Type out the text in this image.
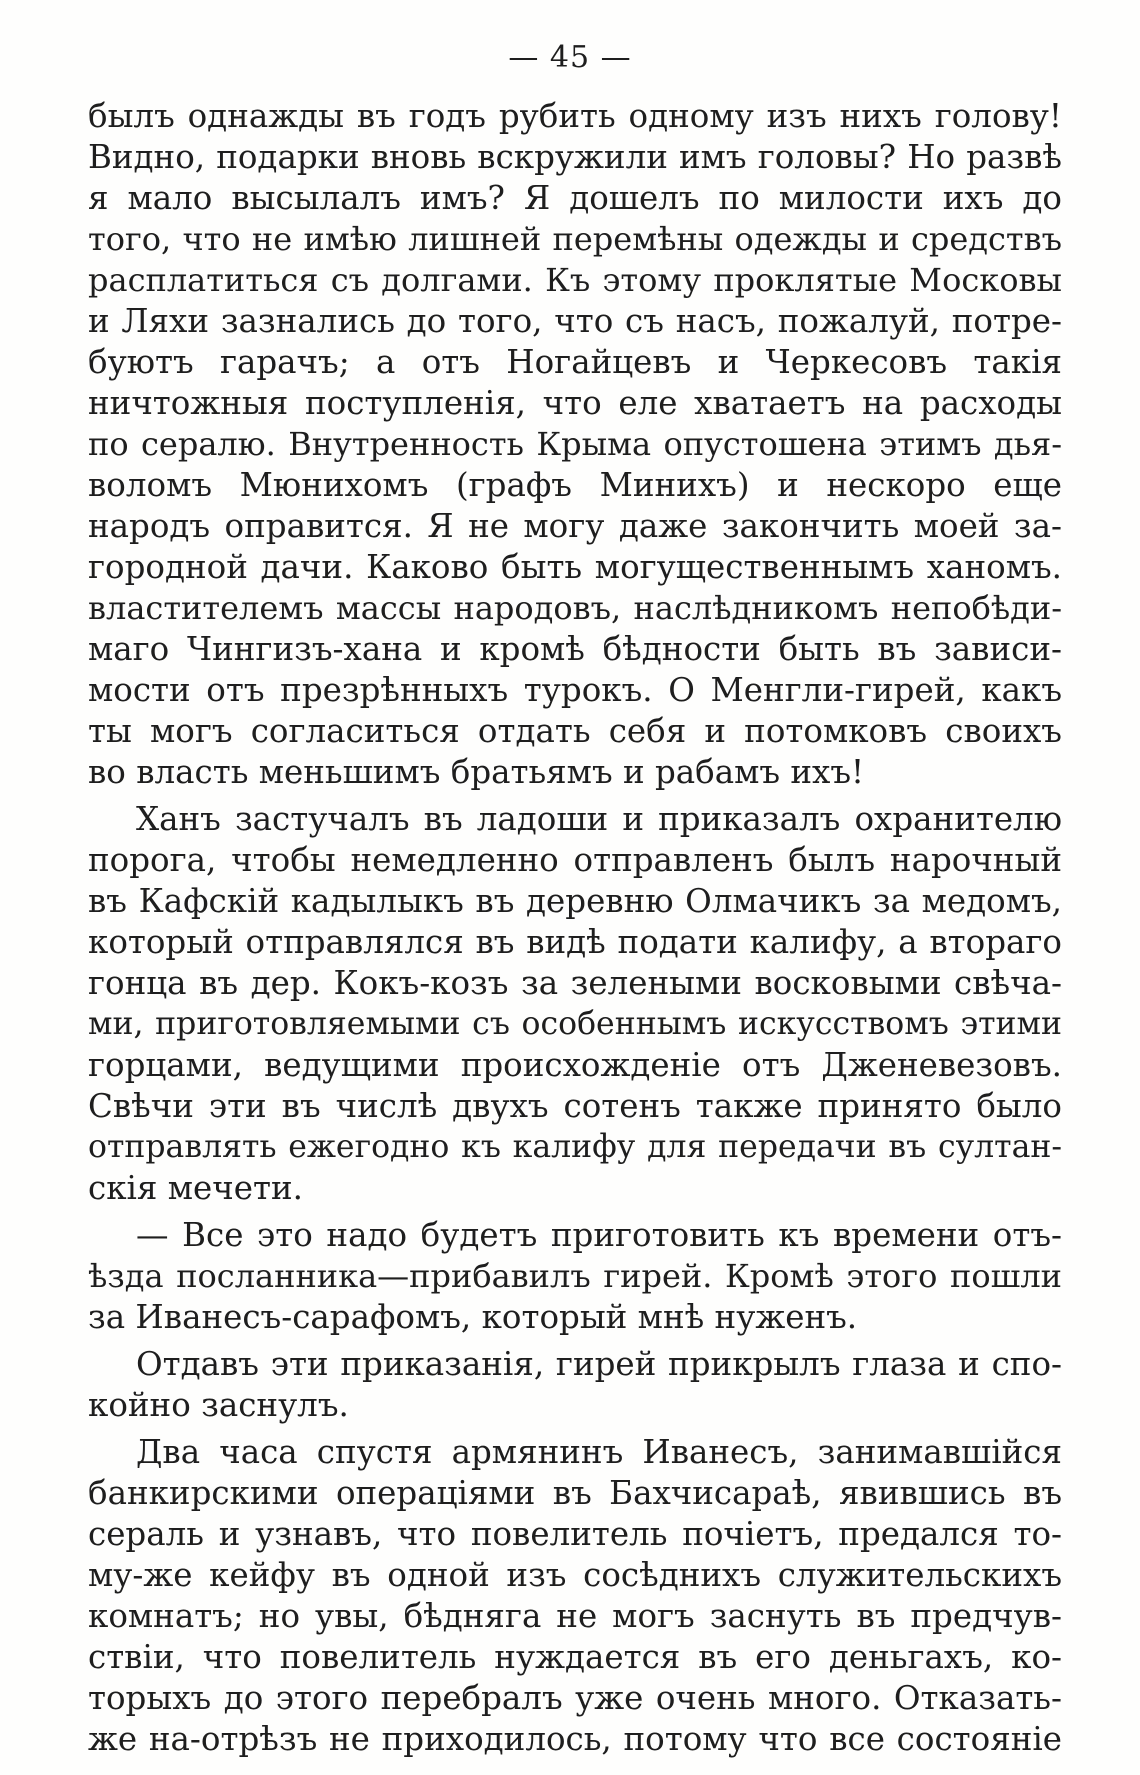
— 45 —
былъ однажды въ годъ рубить одному изъ нихъ голову!
Видно, подарки вновь вскружили имъ головы? Но развѣ
я мало высылалъ имъ? Я дошелъ по милости ихъ до
того, что не имѣю лишней перемѣны одежды и средствъ
расплатиться съ долгами. Къ этому проклятые Московы
и Ляхи зазнались до того, что съ насъ, пожалуй, потре-
буютъ гарачъ; а отъ Ногайцевъ и Черкесовъ такія
ничтожныя поступленія, что еле хватаетъ на расходы
по сералю. Внутренность Крыма опустошена этимъ дья-
воломъ Мюнихомъ (графъ Минихъ) и нескоро еще
народъ оправится. Я не могу даже закончить моей за-
городной дачи. Каково быть могущественнымъ ханомъ.
властителемъ массы народовъ, наслѣдникомъ непобѣди-
маго Чингизъ-хана и кромѣ бѣдности быть въ зависи-
мости отъ презрѣнныхъ турокъ. О Менгли-гирей, какъ
ты могъ согласиться отдать себя и потомковъ своихъ
во власть меньшимъ братьямъ и рабамъ ихъ!
Ханъ застучалъ въ ладоши и приказалъ охранителю
порога, чтобы немедленно отправленъ былъ нарочный
въ Кафскій кадылыкъ въ деревню Олмачикъ за медомъ,
который отправлялся въ видѣ подати калифу, а втораго
гонца въ дер. Кокъ-козъ за зелеными восковыми свѣча-
ми, приготовляемыми съ особеннымъ искусствомъ этими
горцами, ведущими происхожденіе отъ Дженевезовъ.
Свѣчи эти въ числѣ двухъ сотенъ также принято было
отправлять ежегодно къ калифу для передачи въ султан-
скія мечети.
— Все это надо будетъ приготовить къ времени отъ-
ѣзда посланника—прибавилъ гирей. Кромѣ этого пошли
за Иванесъ-сарафомъ, который мнѣ нуженъ.
Отдавъ эти приказанія, гирей прикрылъ глаза и спо-
койно заснулъ.
Два часа спустя армянинъ Иванесъ, занимавшійся
банкирскими операціями въ Бахчисараѣ, явившись въ
сераль и узнавъ, что повелитель почіетъ, предался то-
му-же кейфу въ одной изъ сосѣднихъ служительскихъ
комнатъ; но увы, бѣдняга не могъ заснуть въ предчув-
ствіи, что повелитель нуждается въ его деньгахъ, ко-
торыхъ до этого перебралъ уже очень много. Отказать-
же на-отрѣзъ не приходилось, потому что все состояніе
